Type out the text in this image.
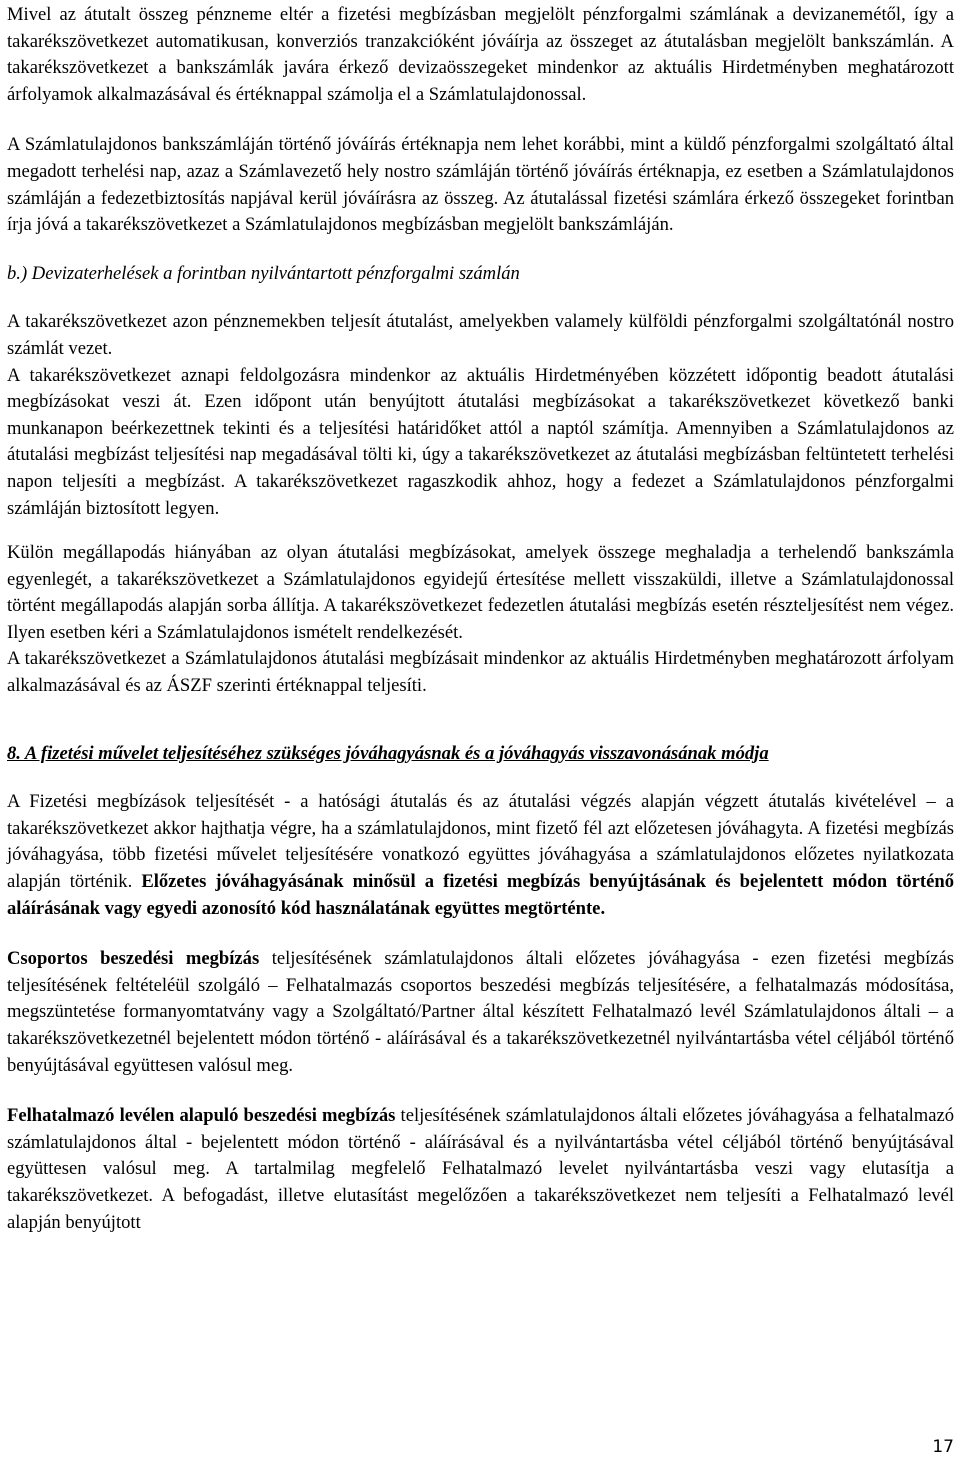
Mivel az átutalt összeg pénzneme eltér a fizetési megbízásban megjelölt pénzforgalmi számlának a devizanemétől, így a takarékszövetkezet automatikusan, konverziós tranzakcióként jóváírja az összeget az átutalásban megjelölt bankszámlán. A takarékszövetkezet a bankszámlák javára érkező devizaösszegeket mindenkor az aktuális Hirdetményben meghatározott árfolyamok alkalmazásával és értéknappal számolja el a Számlatulajdonossal.

A Számlatulajdonos bankszámláján történő jóváírás értéknapja nem lehet korábbi, mint a küldő pénzforgalmi szolgáltató által megadott terhelési nap, azaz a Számlavezető hely nostro számláján történő jóváírás értéknapja, ez esetben a Számlatulajdonos számláján a fedezetbiztosítás napjával kerül jóváírásra az összeg. Az átutalással fizetési számlára érkező összegeket forintban írja jóvá a takarékszövetkezet a Számlatulajdonos megbízásban megjelölt bankszámláján.

b.) Devizaterhelések a forintban nyilvántartott pénzforgalmi számlán

A takarékszövetkezet azon pénznemekben teljesít átutalást, amelyekben valamely külföldi pénzforgalmi szolgáltatónál nostro számlát vezet.

A takarékszövetkezet aznapi feldolgozásra mindenkor az aktuális Hirdetményében közzétett időpontig beadott átutalási megbízásokat veszi át. Ezen időpont után benyújtott átutalási megbízásokat a takarékszövetkezet következő banki munkanapon beérkezettnek tekinti és a teljesítési határidőket attól a naptól számítja. Amennyiben a Számlatulajdonos az átutalási megbízást teljesítési nap megadásával tölti ki, úgy a takarékszövetkezet az átutalási megbízásban feltüntetett terhelési napon teljesíti a megbízást. A takarékszövetkezet ragaszkodik ahhoz, hogy a fedezet a Számlatulajdonos pénzforgalmi számláján biztosított legyen.

Külön megállapodás hiányában az olyan átutalási megbízásokat, amelyek összege meghaladja a terhelendő bankszámla egyenlegét, a takarékszövetkezet a Számlatulajdonos egyidejű értesítése mellett visszaküldi, illetve a Számlatulajdonossal történt megállapodás alapján sorba állítja. A takarékszövetkezet fedezetlen átutalási megbízás esetén részteljesítést nem végez. Ilyen esetben kéri a Számlatulajdonos ismételt rendelkezését.

A takarékszövetkezet a Számlatulajdonos átutalási megbízásait mindenkor az aktuális Hirdetményben meghatározott árfolyam alkalmazásával és az ÁSZF szerinti értéknappal teljesíti.

8. A fizetési művelet teljesítéséhez szükséges jóváhagyásnak és a jóváhagyás visszavonásának módja

A Fizetési megbízások teljesítését - a hatósági átutalás és az átutalási végzés alapján végzett átutalás kivételével – a takarékszövetkezet akkor hajthatja végre, ha a számlatulajdonos, mint fizető fél azt előzetesen jóváhagyta. A fizetési megbízás jóváhagyása, több fizetési művelet teljesítésére vonatkozó együttes jóváhagyása a számlatulajdonos előzetes nyilatkozata alapján történik. Előzetes jóváhagyásának minősül a fizetési megbízás benyújtásának és bejelentett módon történő aláírásának vagy egyedi azonosító kód használatának együttes megtörténte.

Csoportos beszedési megbízás teljesítésének számlatulajdonos általi előzetes jóváhagyása - ezen fizetési megbízás teljesítésének feltételéül szolgáló – Felhatalmazás csoportos beszedési megbízás teljesítésére, a felhatalmazás módosítása, megszüntetése formanyomtatvány vagy a Szolgáltató/Partner által készített Felhatalmazó levél Számlatulajdonos általi – a takarékszövetkezetnél bejelentett módon történő - aláírásával és a takarékszövetkezetnél nyilvántartásba vétel céljából történő benyújtásával együttesen valósul meg.

Felhatalmazó levélen alapuló beszedési megbízás teljesítésének számlatulajdonos általi előzetes jóváhagyása a felhatalmazó számlatulajdonos által - bejelentett módon történő - aláírásával és a nyilvántartásba vétel céljából történő benyújtásával együttesen valósul meg. A tartalmilag megfelelő Felhatalmazó levelet nyilvántartásba veszi vagy elutasítja a takarékszövetkezet. A befogadást, illetve elutasítást megelőzően a takarékszövetkezet nem teljesíti a Felhatalmazó levél alapján benyújtott

17
